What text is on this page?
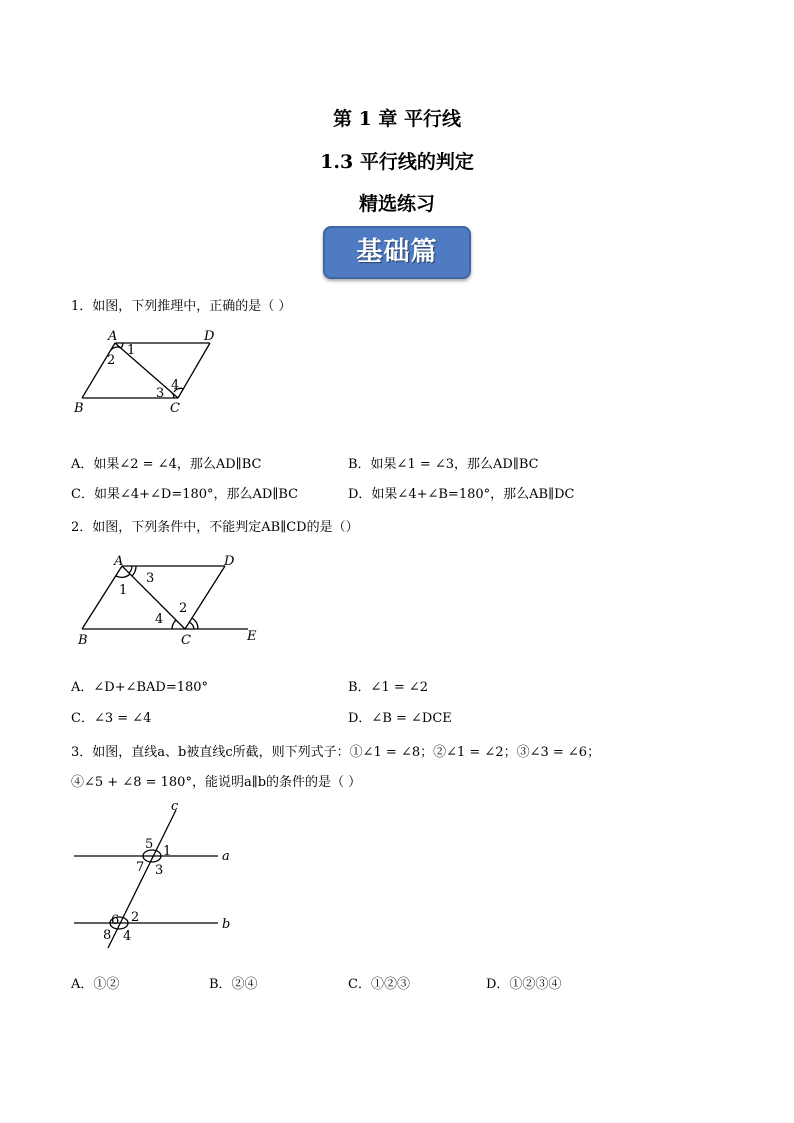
第 1 章 平行线
1.3 平行线的判定
精选练习
基础篇
1．如图，下列推理中，正确的是（ ）
A	D
1
2
4
3
B	C
A．如果∠2 = ∠4，那么AD∥BC	B．如果∠1 = ∠3，那么AD∥BC
C．如果∠4+∠D=180°，那么AD∥BC	D．如果∠4+∠B=180°，那么AB∥DC
2．如图，下列条件中，不能判定AB∥CD的是（）
A	D
3
1
2
4
B	C	E
A．∠D+∠BAD=180°	B．∠1 = ∠2
C．∠3 = ∠4	D．∠B = ∠DCE
3．如图，直线a、b被直线c所截，则下列式子：①∠1 = ∠8；②∠1 = ∠2；③∠3 = ∠6；
④∠5 + ∠8 = 180°，能说明a∥b的条件的是（ ）
c
5 1	a
7 3
6 2	b
8 4
A．①②	B．②④	C．①②③	D．①②③④
